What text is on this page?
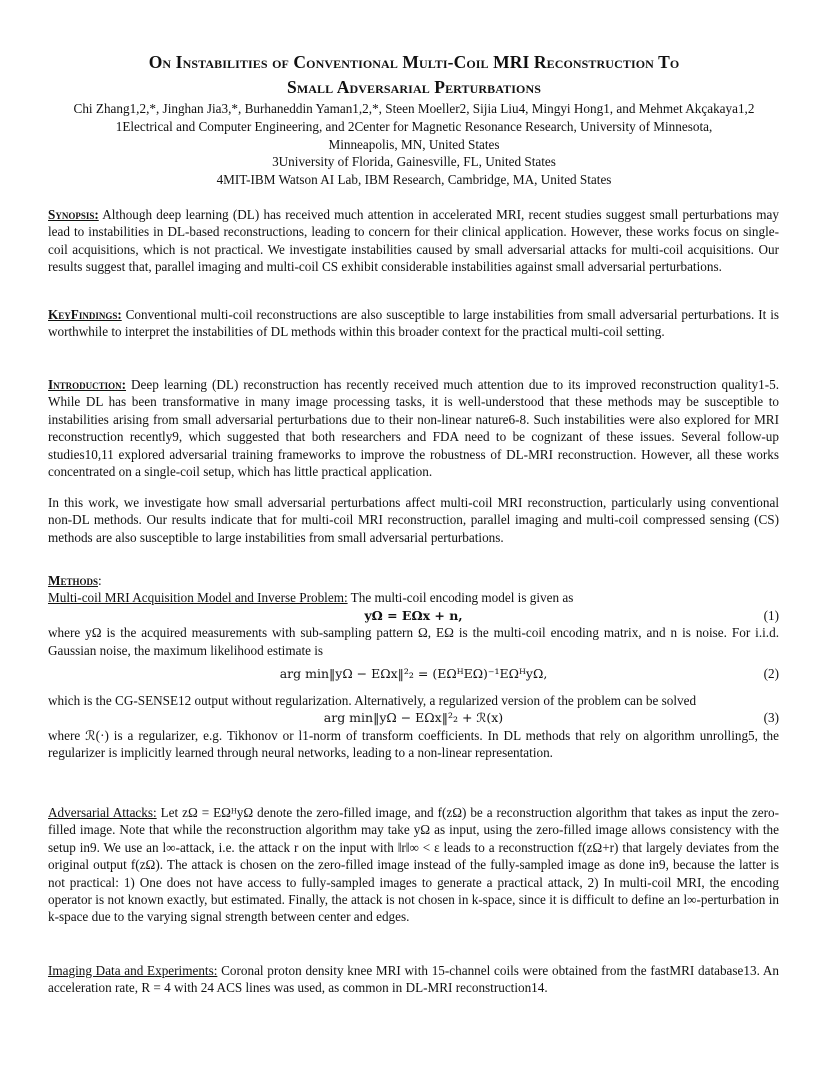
On Instabilities of Conventional Multi-Coil MRI Reconstruction To
Small Adversarial Perturbations
Chi Zhang1,2,*, Jinghan Jia3,*, Burhaneddin Yaman1,2,*, Steen Moeller2, Sijia Liu4, Mingyi Hong1, and Mehmet Akçakaya1,2
1Electrical and Computer Engineering, and 2Center for Magnetic Resonance Research, University of Minnesota,
Minneapolis, MN, United States
3University of Florida, Gainesville, FL, United States
4MIT-IBM Watson AI Lab, IBM Research, Cambridge, MA, United States
Synopsis: Although deep learning (DL) has received much attention in accelerated MRI, recent studies suggest small perturbations may lead to instabilities in DL-based reconstructions, leading to concern for their clinical application. However, these works focus on single-coil acquisitions, which is not practical. We investigate instabilities caused by small adversarial attacks for multi-coil acquisitions. Our results suggest that, parallel imaging and multi-coil CS exhibit considerable instabilities against small adversarial perturbations.
KeyFindings: Conventional multi-coil reconstructions are also susceptible to large instabilities from small adversarial perturbations. It is worthwhile to interpret the instabilities of DL methods within this broader context for the practical multi-coil setting.
Introduction: Deep learning (DL) reconstruction has recently received much attention due to its improved reconstruction quality1-5. While DL has been transformative in many image processing tasks, it is well-understood that these methods may be susceptible to instabilities arising from small adversarial perturbations due to their non-linear nature6-8. Such instabilities were also explored for MRI reconstruction recently9, which suggested that both researchers and FDA need to be cognizant of these issues. Several follow-up studies10,11 explored adversarial training frameworks to improve the robustness of DL-MRI reconstruction. However, all these works concentrated on a single-coil setup, which has little practical application.
In this work, we investigate how small adversarial perturbations affect multi-coil MRI reconstruction, particularly using conventional non-DL methods. Our results indicate that for multi-coil MRI reconstruction, parallel imaging and multi-coil compressed sensing (CS) methods are also susceptible to large instabilities from small adversarial perturbations.
Methods:
Multi-coil MRI Acquisition Model and Inverse Problem: The multi-coil encoding model is given as
yΩ = EΩx + n,	(1)
where yΩ is the acquired measurements with sub-sampling pattern Ω, EΩ is the multi-coil encoding matrix, and n is noise. For i.i.d. Gaussian noise, the maximum likelihood estimate is
arg min‖yΩ − EΩx‖²₂ = (EΩᴴEΩ)⁻¹EΩᴴyΩ,	(2)
which is the CG-SENSE12 output without regularization. Alternatively, a regularized version of the problem can be solved
arg min‖yΩ − EΩx‖²₂ + ℛ(x)	(3)
where ℛ(·) is a regularizer, e.g. Tikhonov or l1-norm of transform coefficients. In DL methods that rely on algorithm unrolling5, the regularizer is implicitly learned through neural networks, leading to a non-linear representation.
Adversarial Attacks: Let zΩ = EΩᴴyΩ denote the zero-filled image, and f(zΩ) be a reconstruction algorithm that takes as input the zero-filled image. Note that while the reconstruction algorithm may take yΩ as input, using the zero-filled image allows consistency with the setup in9. We use an l∞-attack, i.e. the attack r on the input with ‖r‖∞ < ε leads to a reconstruction f(zΩ+r) that largely deviates from the original output f(zΩ). The attack is chosen on the zero-filled image instead of the fully-sampled image as done in9, because the latter is not practical: 1) One does not have access to fully-sampled images to generate a practical attack, 2) In multi-coil MRI, the encoding operator is not known exactly, but estimated. Finally, the attack is not chosen in k-space, since it is difficult to define an l∞-perturbation in k-space due to the varying signal strength between center and edges.
Imaging Data and Experiments: Coronal proton density knee MRI with 15-channel coils were obtained from the fastMRI database13. An acceleration rate, R = 4 with 24 ACS lines was used, as common in DL-MRI reconstruction14.
